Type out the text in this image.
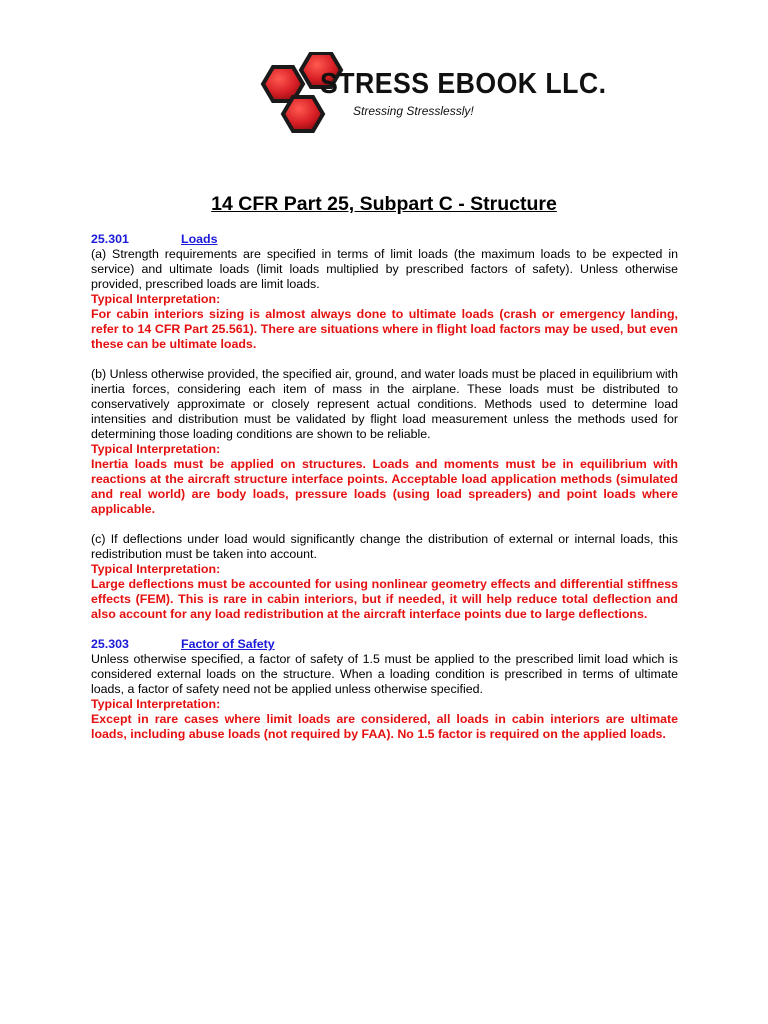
STRESS EBOOK LLC.
Stressing Stresslessly!
14 CFR Part 25, Subpart C - Structure
25.301	Loads
(a) Strength requirements are specified in terms of limit loads (the maximum loads to be expected in service) and ultimate loads (limit loads multiplied by prescribed factors of safety). Unless otherwise provided, prescribed loads are limit loads.
Typical Interpretation:
For cabin interiors sizing is almost always done to ultimate loads (crash or emergency landing, refer to 14 CFR Part 25.561). There are situations where in flight load factors may be used, but even these can be ultimate loads.
(b) Unless otherwise provided, the specified air, ground, and water loads must be placed in equilibrium with inertia forces, considering each item of mass in the airplane. These loads must be distributed to conservatively approximate or closely represent actual conditions. Methods used to determine load intensities and distribution must be validated by flight load measurement unless the methods used for determining those loading conditions are shown to be reliable.
Typical Interpretation:
Inertia loads must be applied on structures. Loads and moments must be in equilibrium with reactions at the aircraft structure interface points. Acceptable load application methods (simulated and real world) are body loads, pressure loads (using load spreaders) and point loads where applicable.
(c) If deflections under load would significantly change the distribution of external or internal loads, this redistribution must be taken into account.
Typical Interpretation:
Large deflections must be accounted for using nonlinear geometry effects and differential stiffness effects (FEM). This is rare in cabin interiors, but if needed, it will help reduce total deflection and also account for any load redistribution at the aircraft interface points due to large deflections.
25.303	Factor of Safety
Unless otherwise specified, a factor of safety of 1.5 must be applied to the prescribed limit load which is considered external loads on the structure. When a loading condition is prescribed in terms of ultimate loads, a factor of safety need not be applied unless otherwise specified.
Typical Interpretation:
Except in rare cases where limit loads are considered, all loads in cabin interiors are ultimate loads, including abuse loads (not required by FAA). No 1.5 factor is required on the applied loads.
